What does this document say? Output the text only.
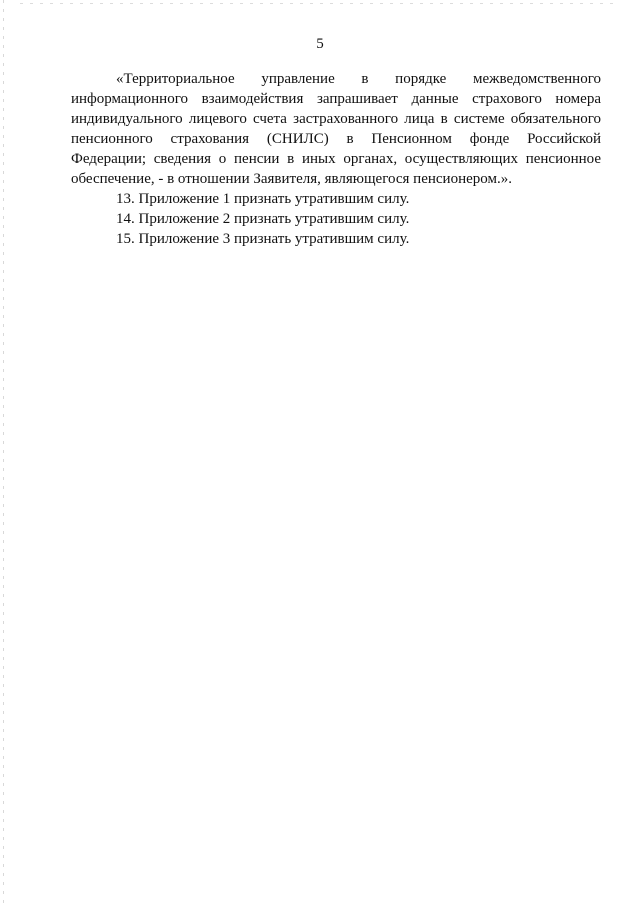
5
«Территориальное управление в порядке межведомственного
информационного взаимодействия запрашивает данные страхового номера
индивидуального лицевого счета застрахованного лица в системе обязательного
пенсионного страхования (СНИЛС) в Пенсионном фонде Российской
Федерации; сведения о пенсии в иных органах, осуществляющих пенсионное
обеспечение, - в отношении Заявителя, являющегося пенсионером.».
13. Приложение 1 признать утратившим силу.
14. Приложение 2 признать утратившим силу.
15. Приложение 3 признать утратившим силу.
